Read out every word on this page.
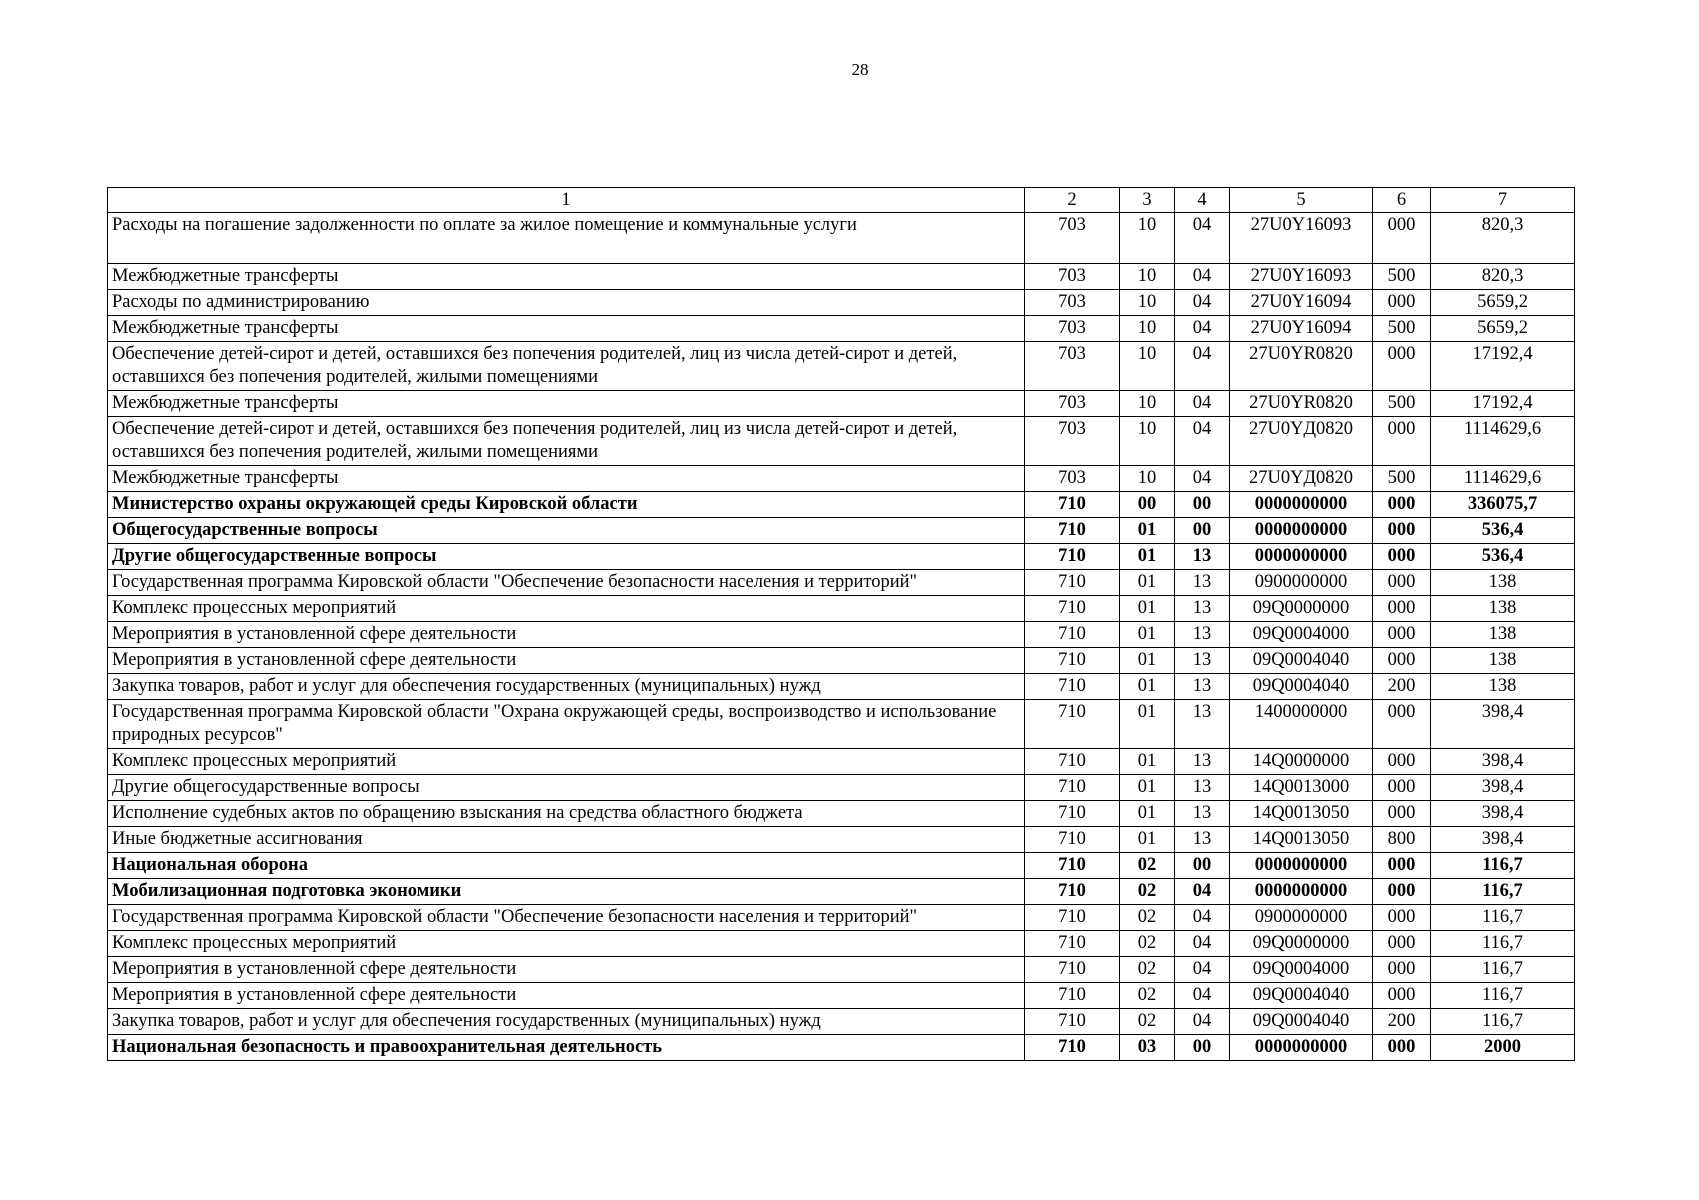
28
1	2	3	4	5	6	7
Расходы на погашение задолженности по оплате за жилое помещение и коммунальные услуги	703	10	04	27U0Y16093	000	820,3
Межбюджетные трансферты	703	10	04	27U0Y16093	500	820,3
Расходы по администрированию	703	10	04	27U0Y16094	000	5659,2
Межбюджетные трансферты	703	10	04	27U0Y16094	500	5659,2
Обеспечение детей-сирот и детей, оставшихся без попечения родителей, лиц из числа детей-сирот и детей, оставшихся без попечения родителей, жилыми помещениями	703	10	04	27U0YR0820	000	17192,4
Межбюджетные трансферты	703	10	04	27U0YR0820	500	17192,4
Обеспечение детей-сирот и детей, оставшихся без попечения родителей, лиц из числа детей-сирот и детей, оставшихся без попечения родителей, жилыми помещениями	703	10	04	27U0YД0820	000	1114629,6
Межбюджетные трансферты	703	10	04	27U0YД0820	500	1114629,6
Министерство охраны окружающей среды Кировской области	710	00	00	0000000000	000	336075,7
Общегосударственные вопросы	710	01	00	0000000000	000	536,4
Другие общегосударственные вопросы	710	01	13	0000000000	000	536,4
Государственная программа Кировской области "Обеспечение безопасности населения и территорий"	710	01	13	0900000000	000	138
Комплекс процессных мероприятий	710	01	13	09Q0000000	000	138
Мероприятия в установленной сфере деятельности	710	01	13	09Q0004000	000	138
Мероприятия в установленной сфере деятельности	710	01	13	09Q0004040	000	138
Закупка товаров, работ и услуг для обеспечения государственных (муниципальных) нужд	710	01	13	09Q0004040	200	138
Государственная программа Кировской области "Охрана окружающей среды, воспроизводство и использование природных ресурсов"	710	01	13	1400000000	000	398,4
Комплекс процессных мероприятий	710	01	13	14Q0000000	000	398,4
Другие общегосударственные вопросы	710	01	13	14Q0013000	000	398,4
Исполнение судебных актов по обращению взыскания на средства областного бюджета	710	01	13	14Q0013050	000	398,4
Иные бюджетные ассигнования	710	01	13	14Q0013050	800	398,4
Национальная оборона	710	02	00	0000000000	000	116,7
Мобилизационная подготовка экономики	710	02	04	0000000000	000	116,7
Государственная программа Кировской области "Обеспечение безопасности населения и территорий"	710	02	04	0900000000	000	116,7
Комплекс процессных мероприятий	710	02	04	09Q0000000	000	116,7
Мероприятия в установленной сфере деятельности	710	02	04	09Q0004000	000	116,7
Мероприятия в установленной сфере деятельности	710	02	04	09Q0004040	000	116,7
Закупка товаров, работ и услуг для обеспечения государственных (муниципальных) нужд	710	02	04	09Q0004040	200	116,7
Национальная безопасность и правоохранительная деятельность	710	03	00	0000000000	000	2000
